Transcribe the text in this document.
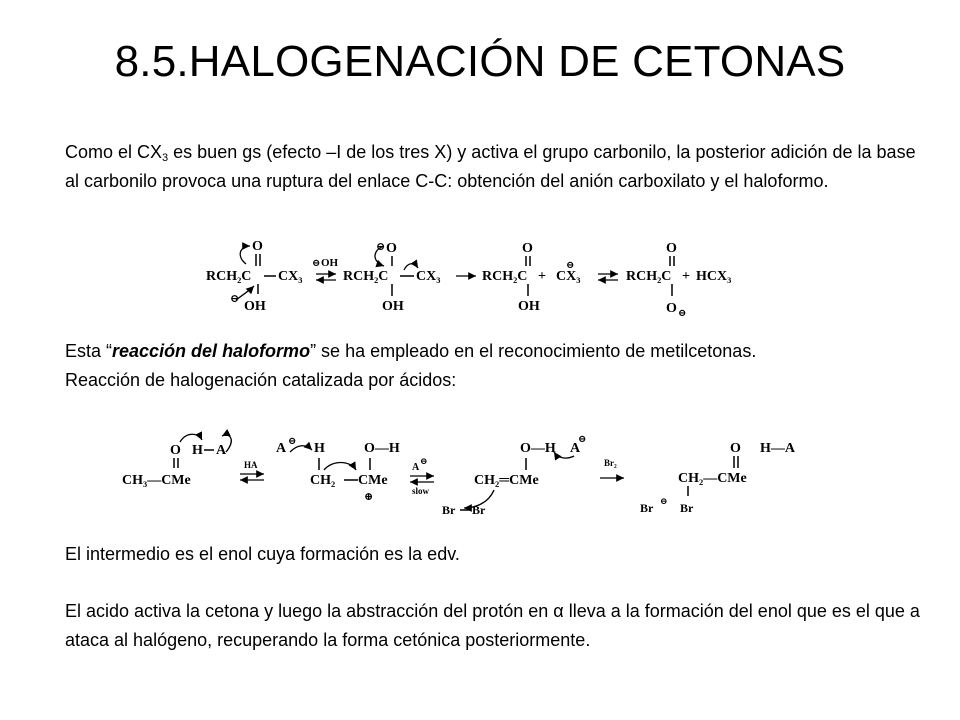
8.5.HALOGENACIÓN DE CETONAS

Como el $CX_3$ es buen gs (efecto –I de los tres X) y activa el grupo carbonilo, la posterior adición de la base al carbonilo provoca una ruptura del enlace C-C: obtención del anión carboxilato y el haloformo.

O
RCH₂C CX₃
⊖ OH
⊖ OH
⊖ O
RCH₂C CX₃
OH
O
RCH₂C +
⊖
CX₃
OH
O
RCH₂C + HCX₃
O ⊖

Esta “reacción del haloformo” se ha empleado en el reconocimiento de metilcetonas.

Reacción de halogenación catalizada por ácidos:

O H A
CH₃—CMe
HA
A ⊖ H	O—H
CH₂ CMe
⊕
A
⊖
slow
O—H A
⊖
CH₂═CMe
Br Br
Br₂
O H—A
CH₂—CMe
Br ⊖ Br
El intermedio es el enol cuya formación es la edv.
El acido activa la cetona y luego la abstracción del protón en α lleva a la formación del enol que es el que a ataca al halógeno, recuperando la forma cetónica posteriormente.
